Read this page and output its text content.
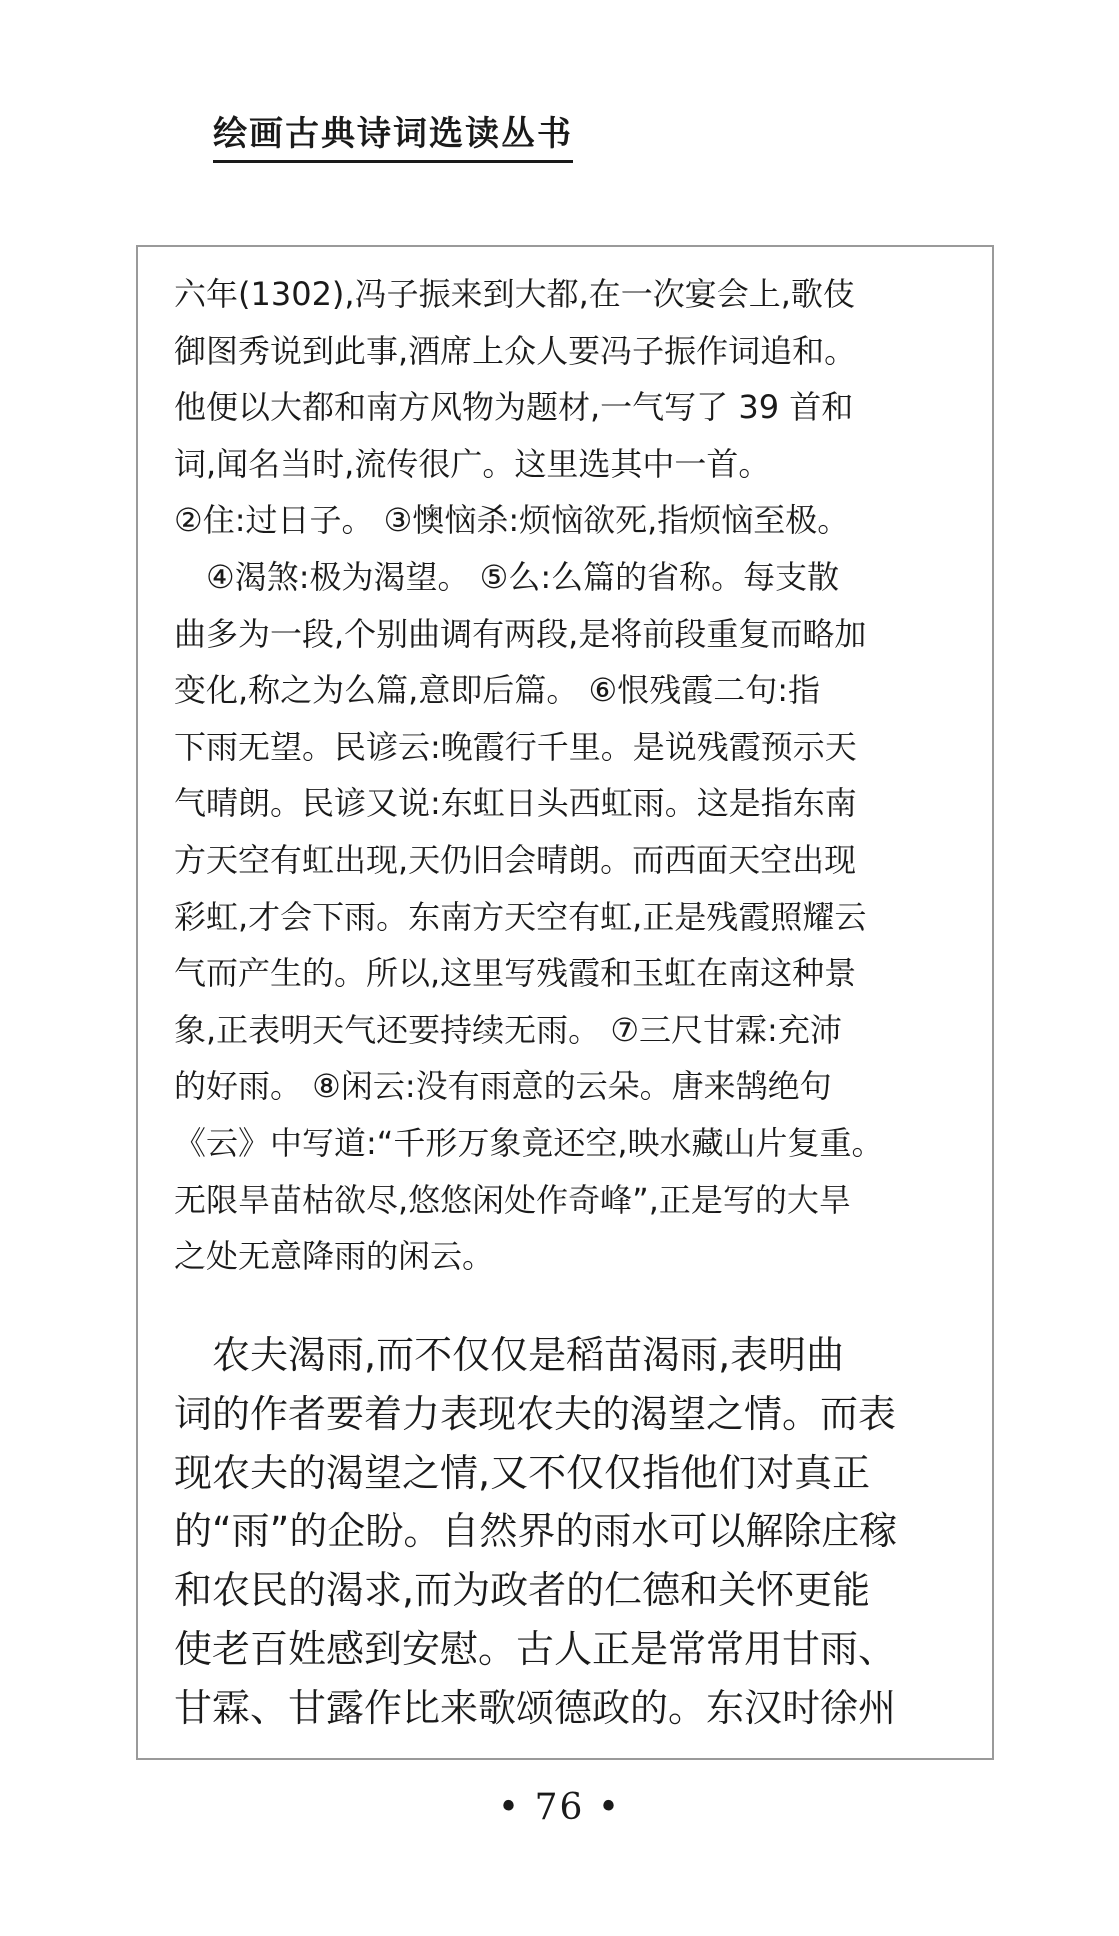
绘画古典诗词选读丛书
六年(1302),冯子振来到大都,在一次宴会上,歌伎
御图秀说到此事,酒席上众人要冯子振作词追和。
他便以大都和南方风物为题材,一气写了 39 首和
词,闻名当时,流传很广。这里选其中一首。
②住:过日子。 ③懊恼杀:烦恼欲死,指烦恼至极。
　④渴煞:极为渴望。 ⑤么:么篇的省称。每支散
曲多为一段,个别曲调有两段,是将前段重复而略加
变化,称之为么篇,意即后篇。 ⑥恨残霞二句:指
下雨无望。民谚云:晚霞行千里。是说残霞预示天
气晴朗。民谚又说:东虹日头西虹雨。这是指东南
方天空有虹出现,天仍旧会晴朗。而西面天空出现
彩虹,才会下雨。东南方天空有虹,正是残霞照耀云
气而产生的。所以,这里写残霞和玉虹在南这种景
象,正表明天气还要持续无雨。 ⑦三尺甘霖:充沛
的好雨。 ⑧闲云:没有雨意的云朵。唐来鹄绝句
《云》中写道:“千形万象竟还空,映水藏山片复重。
无限旱苗枯欲尽,悠悠闲处作奇峰”,正是写的大旱
之处无意降雨的闲云。
　农夫渴雨,而不仅仅是稻苗渴雨,表明曲
词的作者要着力表现农夫的渴望之情。而表
现农夫的渴望之情,又不仅仅指他们对真正
的“雨”的企盼。自然界的雨水可以解除庄稼
和农民的渴求,而为政者的仁德和关怀更能
使老百姓感到安慰。古人正是常常用甘雨、
甘霖、甘露作比来歌颂德政的。东汉时徐州
• 76 •
